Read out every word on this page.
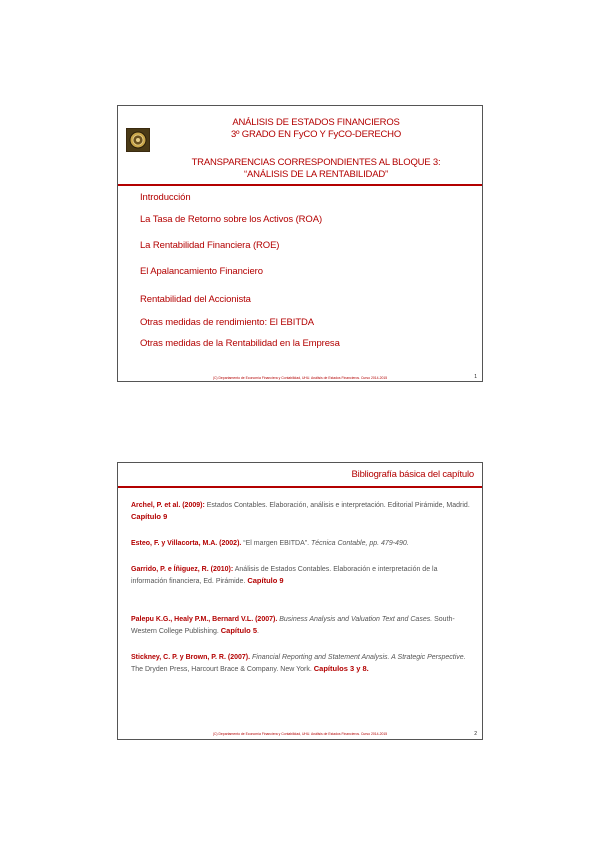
ANÁLISIS DE ESTADOS FINANCIEROS
3º GRADO EN FyCO Y FyCO-DERECHO
TRANSPARENCIAS CORRESPONDIENTES AL BLOQUE 3:
“ANÁLISIS DE LA RENTABILIDAD”
Introducción
La Tasa de Retorno sobre los Activos (ROA)
La Rentabilidad Financiera (ROE)
El Apalancamiento Financiero
Rentabilidad del Accionista
Otras medidas de rendimiento: El EBITDA
Otras medidas de la Rentabilidad en la Empresa
(C) Departamento de Economía Financiera y Contabilidad, UHU. Análisis de Estados Financieros. Curso 2014-2015	1
Bibliografía básica del capítulo
Archel, P. et al. (2009): Estados Contables. Elaboración, análisis e interpretación. Editorial Pirámide, Madrid. Capítulo 9
Esteo, F. y Villacorta, M.A. (2002). “El margen EBITDA”. Técnica Contable, pp. 479-490.
Garrido, P. e Íñiguez, R. (2010): Análisis de Estados Contables. Elaboración e interpretación de la información financiera, Ed. Pirámide. Capítulo 9
Palepu K.G., Healy P.M., Bernard V.L. (2007). Business Analysis and Valuation Text and Cases. South-Western College Publishing. Capítulo 5.
Stickney, C. P. y Brown, P. R. (2007). Financial Reporting and Statement Analysis. A Strategic Perspective. The Dryden Press, Harcourt Brace & Company. New York. Capítulos 3 y 8.
(C) Departamento de Economía Financiera y Contabilidad, UHU. Análisis de Estados Financieros. Curso 2014-2015	2
